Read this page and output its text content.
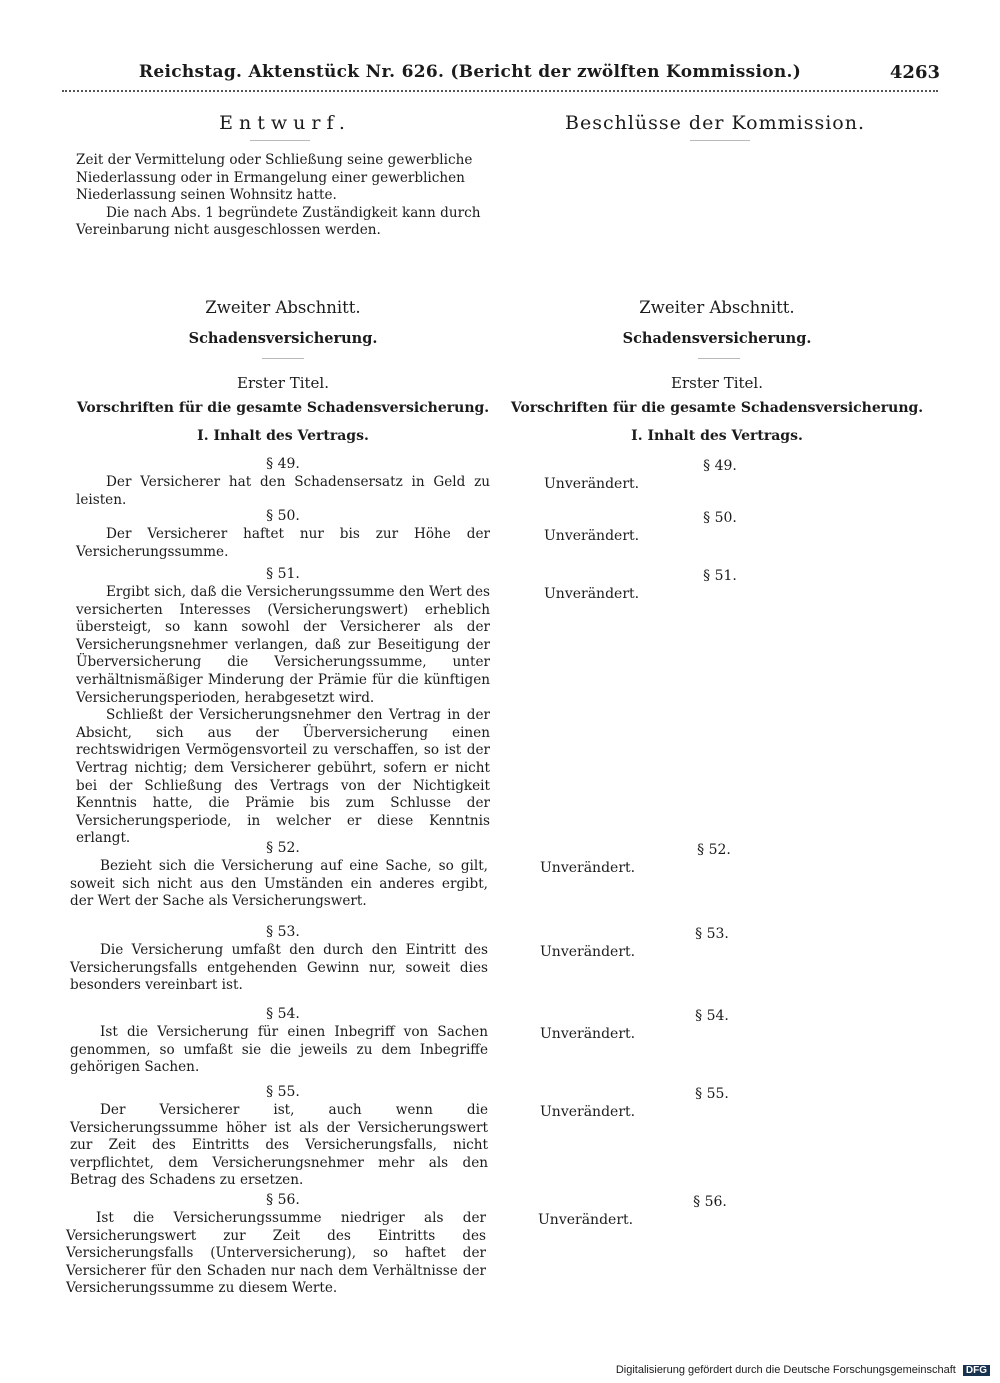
Reichstag. Aktenstück Nr. 626. (Bericht der zwölften Kommission.)	4263
Entwurf.	Beschlüsse der Kommission.

Zeit der Vermittelung oder Schließung seine gewerbliche

Niederlassung oder in Ermangelung einer gewerblichen

Niederlassung seinen Wohnsitz hatte.

Die nach Abs. 1 begründete Zuständigkeit kann durch

Vereinbarung nicht ausgeschlossen werden.

Zweiter Abschnitt.
Schadensversicherung.
Erster Titel.
Vorschriften für die gesamte Schadensversicherung.
I. Inhalt des Vertrags.
Zweiter Abschnitt.
Schadensversicherung.
Erster Titel.
Vorschriften für die gesamte Schadensversicherung.
I. Inhalt des Vertrags.
§ 49.

Der Versicherer hat den Schadensersatz in Geld zu leisten.

§ 49.
Unverändert.
§ 50.

Der Versicherer haftet nur bis zur Höhe der Versicherungssumme.

§ 50.
Unverändert.
§ 51.

Ergibt sich, daß die Versicherungssumme den Wert des versicherten Interesses (Versicherungswert) erheblich übersteigt, so kann sowohl der Versicherer als der Versicherungsnehmer verlangen, daß zur Beseitigung der Überversicherung die Versicherungssumme, unter verhältnismäßiger Minderung der Prämie für die künftigen Versicherungsperioden, herabgesetzt wird.

Schließt der Versicherungsnehmer den Vertrag in der Absicht, sich aus der Überversicherung einen rechtswidrigen Vermögensvorteil zu verschaffen, so ist der Vertrag nichtig; dem Versicherer gebührt, sofern er nicht bei der Schließung des Vertrags von der Nichtigkeit Kenntnis hatte, die Prämie bis zum Schlusse der Versicherungsperiode, in welcher er diese Kenntnis erlangt.

§ 51.
Unverändert.
§ 52.

Bezieht sich die Versicherung auf eine Sache, so gilt, soweit sich nicht aus den Umständen ein anderes ergibt, der Wert der Sache als Versicherungswert.

§ 52.
Unverändert.
§ 53.

Die Versicherung umfaßt den durch den Eintritt des Versicherungsfalls entgehenden Gewinn nur, soweit dies besonders vereinbart ist.

§ 53.
Unverändert.
§ 54.

Ist die Versicherung für einen Inbegriff von Sachen genommen, so umfaßt sie die jeweils zu dem Inbegriffe gehörigen Sachen.

§ 54.
Unverändert.
§ 55.

Der Versicherer ist, auch wenn die Versicherungssumme höher ist als der Versicherungswert zur Zeit des Eintritts des Versicherungsfalls, nicht verpflichtet, dem Versicherungsnehmer mehr als den Betrag des Schadens zu ersetzen.

§ 55.
Unverändert.
§ 56.

Ist die Versicherungssumme niedriger als der Versicherungswert zur Zeit des Eintritts des Versicherungsfalls (Unterversicherung), so haftet der Versicherer für den Schaden nur nach dem Verhältnisse der Versicherungssumme zu diesem Werte.

§ 56.
Unverändert.
Digitalisierung gefördert durch die Deutsche Forschungsgemeinschaft DFG
